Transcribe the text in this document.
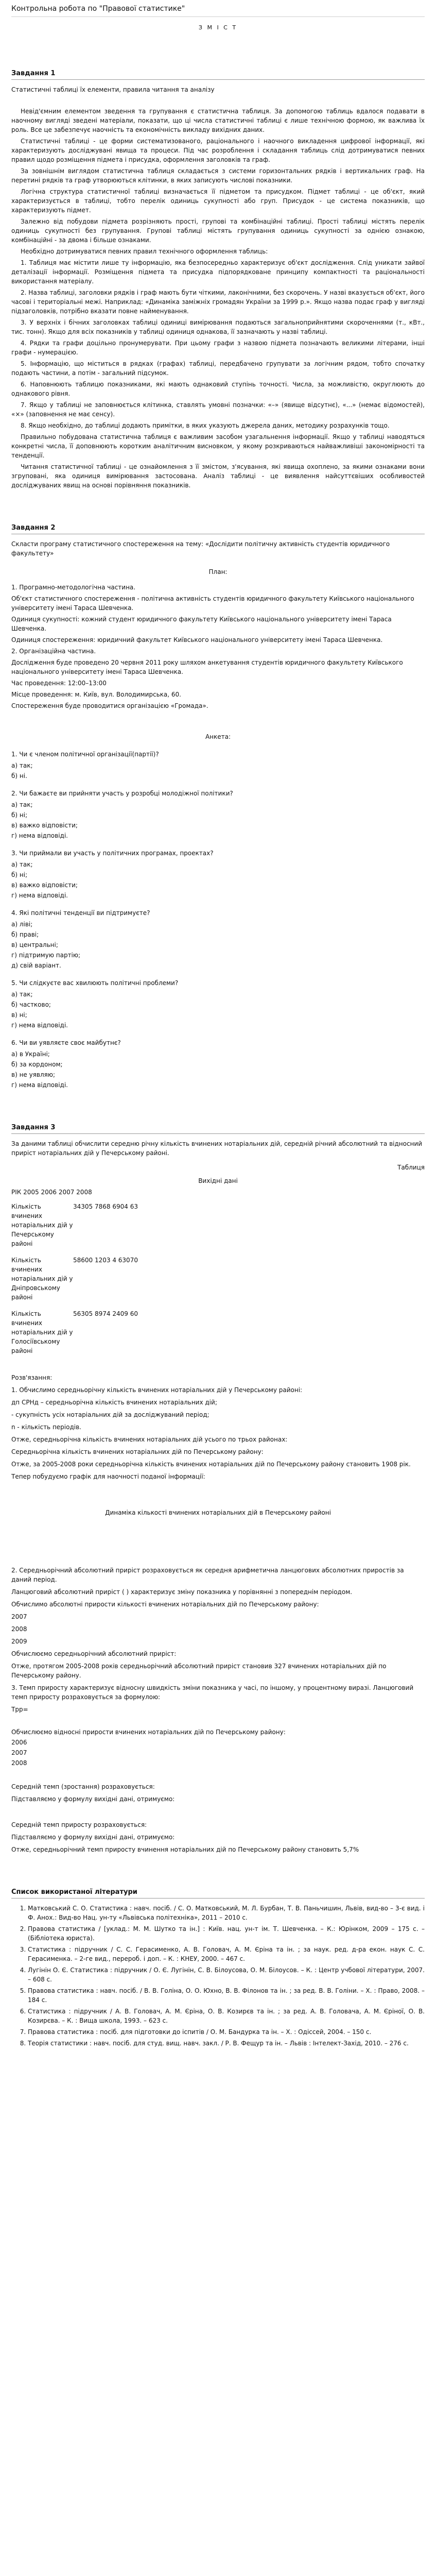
Контрольна робота по "Правової статистике"
З М І С Т
Завдання 1

Статистичні таблиці їх елементи, правила читання та аналізу

Невід'ємним елементом зведення та групування є статистична таблиця. За допомогою таблиць вдалося подавати в наочному вигляді зведені матеріали, показати, що ці числа статистичні таблиці є лише технічною формою, як важлива їх роль. Все це забезпечує наочність та економічність викладу вихідних даних.

Статистичні таблиці - це форми систематизованого, раціонального і наочного викладення цифрової інформації, які характеризують досліджувані явища та процеси. Під час розроблення і складання таблиць слід дотримуватися певних правил щодо розміщення підмета і присудка, оформлення заголовків та граф.

За зовнішнім виглядом статистична таблиця складається з системи горизонтальних рядків і вертикальних граф. На перетині рядків та граф утворюються клітинки, в яких записують числові показники.

Логічна структура статистичної таблиці визначається її підметом та присудком. Підмет таблиці - це об'єкт, який характеризується в таблиці, тобто перелік одиниць сукупності або груп. Присудок - це система показників, що характеризують підмет.

Залежно від побудови підмета розрізняють прості, групові та комбінаційні таблиці. Прості таблиці містять перелік одиниць сукупності без групування. Групові таблиці містять групування одиниць сукупності за однією ознакою, комбінаційні - за двома і більше ознаками.

Необхідно дотримуватися певних правил технічного оформлення таблиць:

1. Таблиця має містити лише ту інформацію, яка безпосередньо характеризує об'єкт дослідження. Слід уникати зайвої деталізації інформації. Розміщення підмета та присудка підпорядковане принципу компактності та раціональності використання матеріалу.

2. Назва таблиці, заголовки рядків і граф мають бути чіткими, лаконічними, без скорочень. У назві вказується об'єкт, його часові і територіальні межі. Наприклад: «Динаміка заміжніх громадян України за 1999 р.». Якщо назва подає граф у вигляді підзаголовків, потрібно вказати повне найменування.

3. У верхніх і бічних заголовках таблиці одиниці вимірювання подаються загальноприйнятими скороченнями (т., кВт., тис. тонн). Якщо для всіх показників у таблиці одиниця однакова, її зазначають у назві таблиці.

4. Рядки та графи доцільно пронумерувати. При цьому графи з назвою підмета позначають великими літерами, інші графи - нумерацією.

5. Інформацію, що міститься в рядках (графах) таблиці, передбачено групувати за логічним рядом, тобто спочатку подають частини, а потім - загальний підсумок.

6. Наповнюють таблицю показниками, які мають однаковий ступінь точності. Числа, за можливістю, округлюють до однакового рівня.

7. Якщо у таблиці не заповнюється клітинка, ставлять умовні позначки: «–» (явище відсутнє), «...» (немає відомостей), «×» (заповнення не має сенсу).

8. Якщо необхідно, до таблиці додають примітки, в яких указують джерела даних, методику розрахунків тощо.

Правильно побудована статистична таблиця є важливим засобом узагальнення інформації. Якщо у таблиці наводяться конкретні числа, її доповнюють коротким аналітичним висновком, у якому розкриваються найважливіші закономірності та тенденції.

Читання статистичної таблиці - це ознайомлення з її змістом, з'ясування, які явища охоплено, за якими ознаками вони згруповані, яка одиниця вимірювання застосована. Аналіз таблиці - це виявлення найсуттєвіших особливостей досліджуваних явищ на основі порівняння показників.

Завдання 2

Скласти програму статистичного спостереження на тему: «Дослідити політичну активність студентів юридичного факультету»

План:

1. Програмно-методологічна частина.

Об'єкт статистичного спостереження - політична активність студентів юридичного факультету Київського національного університету імені Тараса Шевченка.

Одиниця сукупності: кожний студент юридичного факультету Київського національного університету імені Тараса Шевченка.

Одиниця спостереження: юридичний факультет Київського національного університету імені Тараса Шевченка.

2. Організаційна частина.

Дослідження буде проведено 20 червня 2011 року шляхом анкетування студентів юридичного факультету Київського національного університету імені Тараса Шевченка.

Час проведення: 12:00–13:00

Місце проведення: м. Київ, вул. Володимирська, 60.

Спостереження буде проводитися організацією «Громада».

Анкета:

1. Чи є членом політичної організації(партії)?

а) так;

б) ні.

2. Чи бажаєте ви прийняти участь у розробці молодіжної політики?

а) так;

б) ні;

в) важко відповісти;

г) нема відповіді.

3. Чи приймали ви участь у політичних програмах, проектах?

а) так;

б) ні;

в) важко відповісти;

г) нема відповіді.

4. Які політичні тенденції ви підтримуєте?

а) ліві;

б) праві;

в) центральні;

г) підтримую партію;

д) свій варіант.

5. Чи слідкуєте вас хвилюють політичні проблеми?

а) так;

б) частково;

в) ні;

г) нема відповіді.

6. Чи ви уявляєте своє майбутнє?

а) в Україні;

б) за кордоном;

в) не уявляю;

г) нема відповіді.

Завдання 3

За даними таблиці обчислити середню річну кількість вчинених нотаріальних дій, середній річний абсолютний та відносний приріст нотаріальних дій у Печерському районі.

Таблиця
Вихідні дані
РІК 2005 2006 2007 2008
Кількість вчинених нотаріальних дій у Печерському районі
34305 7868 6904 63
Кількість вчинених нотаріальних дій у Дніпровському районі
58600 1203 4 63070
Кількість вчинених нотаріальних дій у Голосіївському районі
56305 8974 2409 60
Розв'язання:

1. Обчислимо середньорічну кількість вчинених нотаріальних дій у Печерському районі:

дп СРНд – середньорічна кількість вчинених нотаріальних дій;

- сукупність усіх нотаріальних дій за досліджуваний період;

n - кількість періодів.

Отже, середньорічна кількість вчинених нотаріальних дій усього по трьох районах:

Середньорічна кількість вчинених нотаріальних дій по Печерському району:

Отже, за 2005-2008 роки середньорічна кількість вчинених нотаріальних дій по Печерському району становить 1908 рік.

Тепер побудуємо графік для наочності поданої інформації:

Динаміка кількості вчинених нотаріальних дій в Печерському районі

2. Середньорічний абсолютний приріст розраховується як середня арифметична ланцюгових абсолютних приростів за даний період.

Ланцюговий абсолютний приріст ( ) характеризує зміну показника у порівнянні з попереднім періодом.

Обчислимо абсолютні прирости кількості вчинених нотаріальних дій по Печерському району:

2007

2008

2009

Обчислюємо середньорічний абсолютний приріст:

Отже, протягом 2005-2008 років середньорічний абсолютний приріст становив 327 вчинених нотаріальних дій по Печерському району.

3. Темп приросту характеризує відносну швидкість зміни показника у часі, по іншому, у процентному виразі. Ланцюговий темп приросту розраховується за формулою:

Трр=

Обчислюємо відносні прирости вчинених нотаріальних дій по Печерському району:

2006

2007

2008

Середній темп (зростання) розраховується:

Підставляємо у формулу вихідні дані, отримуємо:

Середній темп приросту розраховується:

Підставляємо у формулу вихідні дані, отримуємо:

Отже, середньорічний темп приросту вчинення нотаріальних дій по Печерському району становить 5,7%

Список використаної літератури
1. Матковський С. О. Статистика : навч. посіб. / С. О. Матковський, М. Л. Бурбан, Т. В. Паньчишин, Львів, вид-во – 3-є вид. і Ф. Анох.: Вид-во Нац. ун-ту «Львівська політехніка», 2011 – 2010 с.
2. Правова статистика / [уклад.: М. М. Шутко та ін.] : Київ. нац. ун-т ім. Т. Шевченка. – К.: Юрінком, 2009 – 175 с. – (Бібліотека юриста).
3. Статистика : підручник / С. С. Герасименко, А. В. Головач, А. М. Єріна та ін. ; за наук. ред. д-ра екон. наук С. С. Герасименка. – 2-ге вид., перероб. і доп. – К. : КНЕУ, 2000. – 467 с.
4. Лугінін О. Є. Статистика : підручник / О. Є. Лугінін, С. В. Білоусова, О. М. Білоусов. – К. : Центр учбової літератури, 2007. – 608 с.
5. Правова статистика : навч. посіб. / В. В. Голіна, О. О. Юхно, В. В. Філонов та ін. ; за ред. В. В. Голіни. – Х. : Право, 2008. – 184 с.
6. Статистика : підручник / А. В. Головач, А. М. Єріна, О. В. Козирєв та ін. ; за ред. А. В. Головача, А. М. Єріної, О. В. Козирєва. – К. : Вища школа, 1993. – 623 с.
7. Правова статистика : посіб. для підготовки до іспитів / О. М. Бандурка та ін. – Х. : Одіссей, 2004. – 150 с.
8. Теорія статистики : навч. посіб. для студ. вищ. навч. закл. / Р. В. Фещур та ін. – Львів : Інтелект-Захід, 2010. – 276 с.
